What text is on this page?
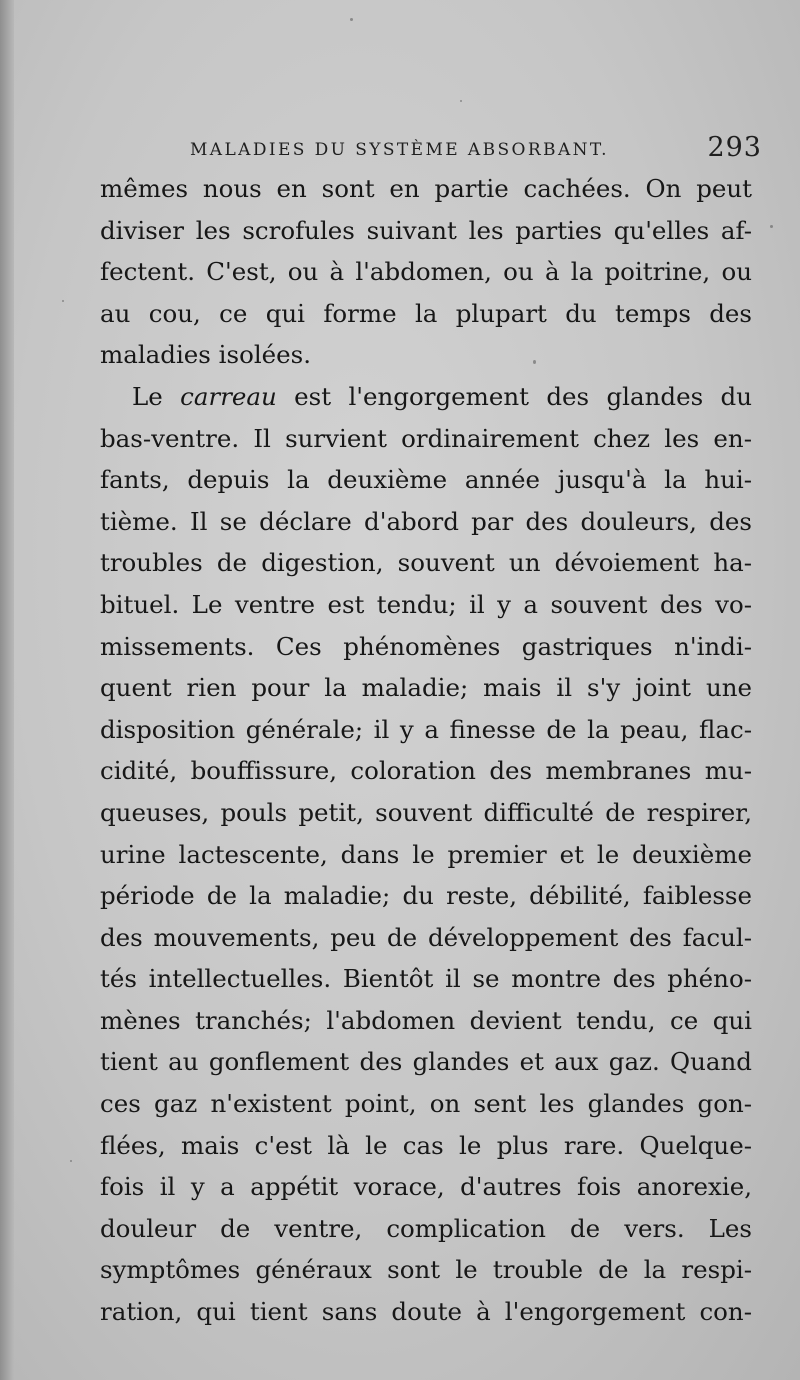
MALADIES DU SYSTÈME ABSORBANT.	293
mêmes nous en sont en partie cachées. On peut
diviser les scrofules suivant les parties qu'elles af-
fectent. C'est, ou à l'abdomen, ou à la poitrine, ou
au cou, ce qui forme la plupart du temps des
maladies isolées.
Le carreau est l'engorgement des glandes du
bas-ventre. Il survient ordinairement chez les en-
fants, depuis la deuxième année jusqu'à la hui-
tième. Il se déclare d'abord par des douleurs, des
troubles de digestion, souvent un dévoiement ha-
bituel. Le ventre est tendu; il y a souvent des vo-
missements. Ces phénomènes gastriques n'indi-
quent rien pour la maladie; mais il s'y joint une
disposition générale; il y a finesse de la peau, flac-
cidité, bouffissure, coloration des membranes mu-
queuses, pouls petit, souvent difficulté de respirer,
urine lactescente, dans le premier et le deuxième
période de la maladie; du reste, débilité, faiblesse
des mouvements, peu de développement des facul-
tés intellectuelles. Bientôt il se montre des phéno-
mènes tranchés; l'abdomen devient tendu, ce qui
tient au gonflement des glandes et aux gaz. Quand
ces gaz n'existent point, on sent les glandes gon-
flées, mais c'est là le cas le plus rare. Quelque-
fois il y a appétit vorace, d'autres fois anorexie,
douleur de ventre, complication de vers. Les
symptômes généraux sont le trouble de la respi-
ration, qui tient sans doute à l'engorgement con-
